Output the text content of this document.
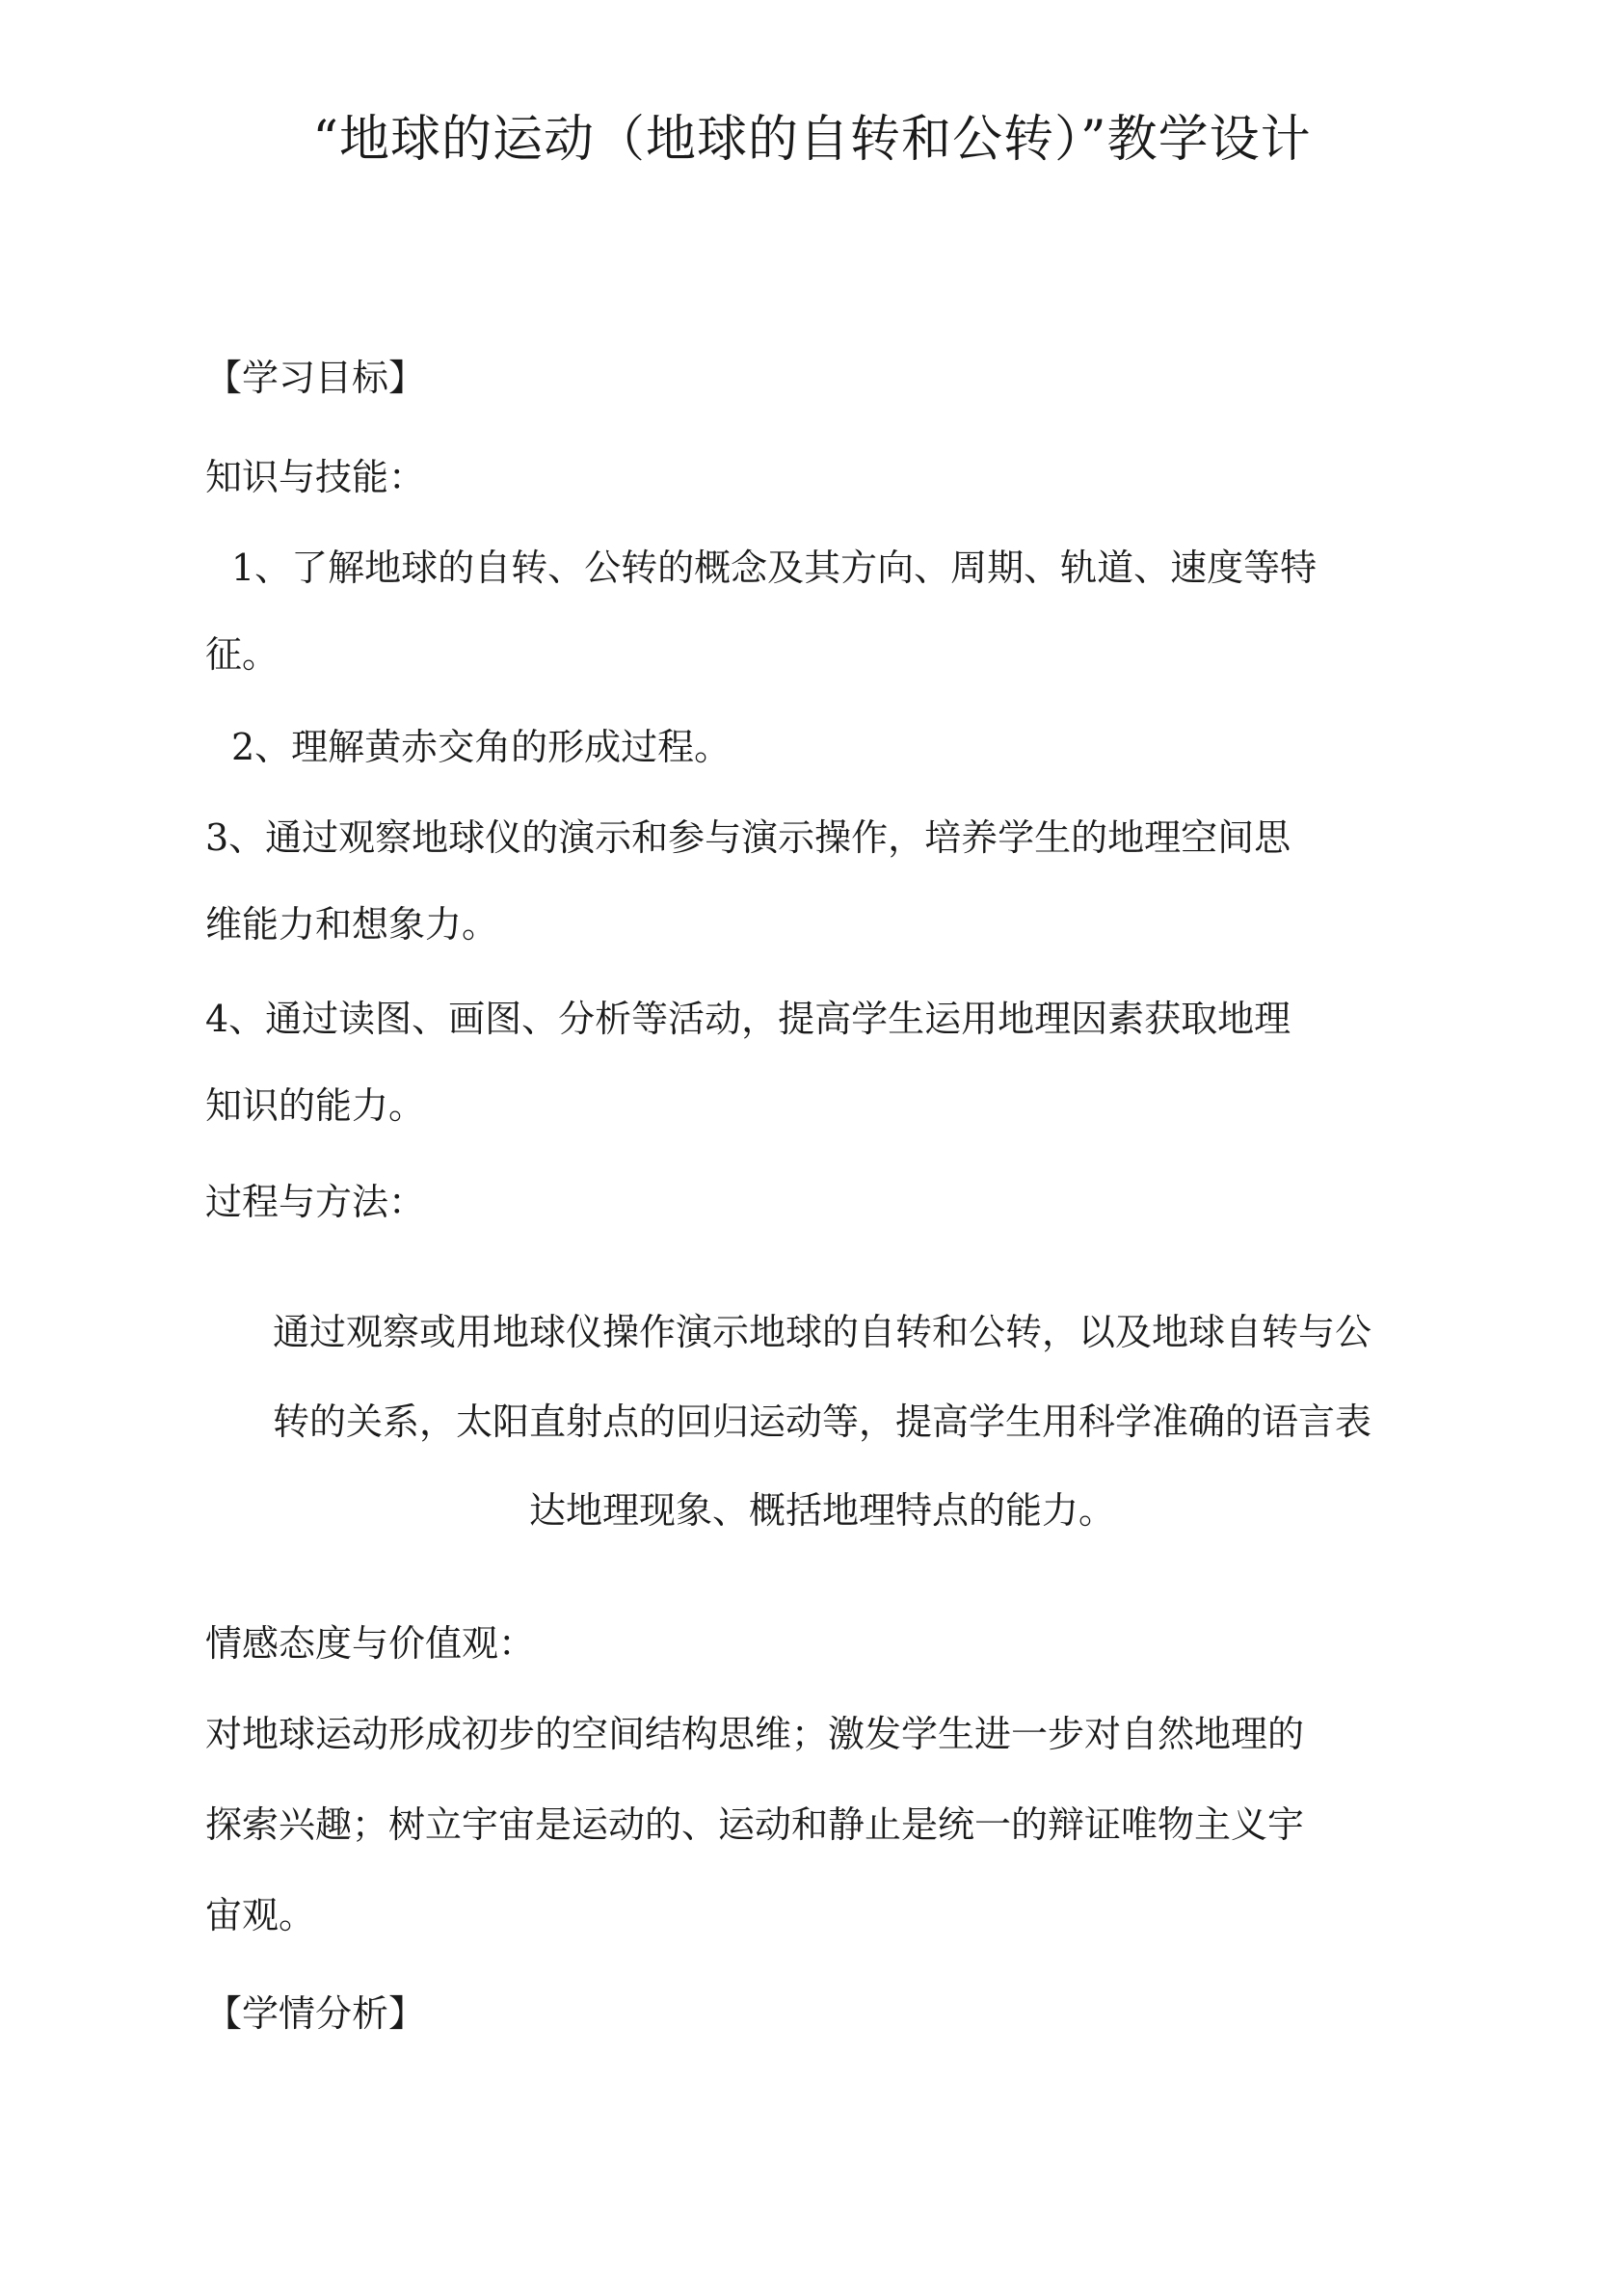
“地球的运动（地球的自转和公转）”教学设计

【学习目标】

知识与技能：

1、了解地球的自转、公转的概念及其方向、周期、轨道、速度等特

征。

2、理解黄赤交角的形成过程。

3、通过观察地球仪的演示和参与演示操作，培养学生的地理空间思

维能力和想象力。

4、通过读图、画图、分析等活动，提高学生运用地理因素获取地理

知识的能力。

过程与方法：

通过观察或用地球仪操作演示地球的自转和公转，以及地球自转与公

转的关系，太阳直射点的回归运动等，提高学生用科学准确的语言表

达地理现象、概括地理特点的能力。

情感态度与价值观：

对地球运动形成初步的空间结构思维；激发学生进一步对自然地理的

探索兴趣；树立宇宙是运动的、运动和静止是统一的辩证唯物主义宇

宙观。

【学情分析】
